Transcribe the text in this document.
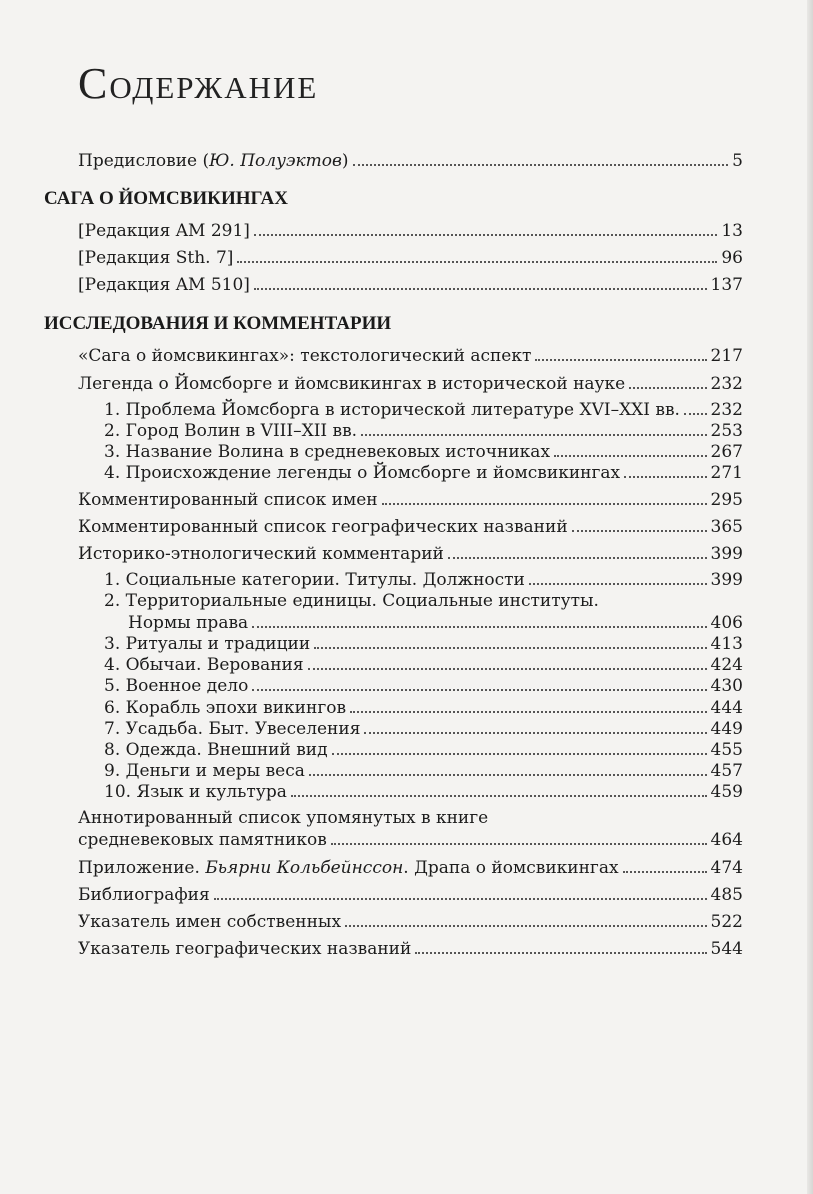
Содержание
Предисловие (Ю. Полуэктов)	5
САГА О ЙОМСВИКИНГАХ
[Редакция AM 291]	13
[Редакция Sth. 7]	96
[Редакция AM 510]	137
ИССЛЕДОВАНИЯ И КОММЕНТАРИИ
«Сага о йомсвикингах»: текстологический аспект	217
Легенда о Йомсборге и йомсвикингах в исторической науке	232
1. Проблема Йомсборга в исторической литературе XVI–XXI вв. 232
2. Город Волин в VIII–XII вв.	253
3. Название Волина в средневековых источниках	267
4. Происхождение легенды о Йомсборге и йомсвикингах	271
Комментированный список имен	295
Комментированный список географических названий	365
Историко-этнологический комментарий	399
1. Социальные категории. Титулы. Должности	399
2. Территориальные единицы. Социальные институты.
Нормы права	406
3. Ритуалы и традиции	413
4. Обычаи. Верования	424
5. Военное дело	430
6. Корабль эпохи викингов	444
7. Усадьба. Быт. Увеселения	449
8. Одежда. Внешний вид	455
9. Деньги и меры веса	457
10. Язык и культура	459
Аннотированный список упомянутых в книге
средневековых памятников	464
Приложение. Бьярни Кольбейнссон. Драпа о йомсвикингах	474
Библиография	485
Указатель имен собственных	522
Указатель географических названий	544
